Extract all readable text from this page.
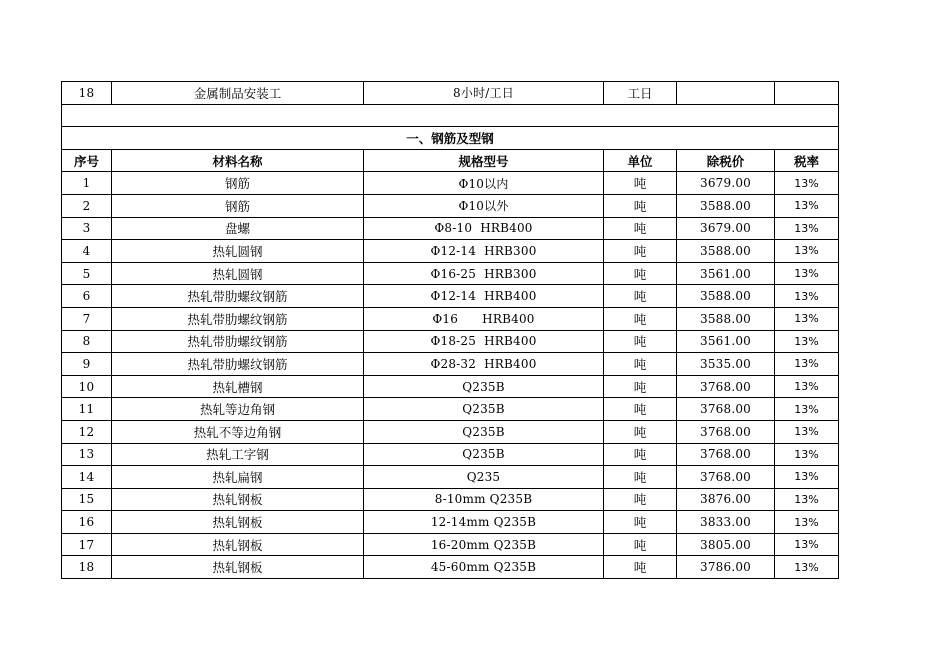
18	金属制品安装工	8小时/工日	工日		

一、钢筋及型钢					
序号	材料名称	规格型号	单位	除税价	税率
1	钢筋	Φ10以内	吨	3679.00	13%
2	钢筋	Φ10以外	吨	3588.00	13%
3	盘螺	Φ8-10  HRB400	吨	3679.00	13%
4	热轧圆钢	Φ12-14  HRB300	吨	3588.00	13%
5	热轧圆钢	Φ16-25  HRB300	吨	3561.00	13%
6	热轧带肋螺纹钢筋	Φ12-14  HRB400	吨	3588.00	13%
7	热轧带肋螺纹钢筋	Φ16      HRB400	吨	3588.00	13%
8	热轧带肋螺纹钢筋	Φ18-25  HRB400	吨	3561.00	13%
9	热轧带肋螺纹钢筋	Φ28-32  HRB400	吨	3535.00	13%
10	热轧槽钢	Q235B	吨	3768.00	13%
11	热轧等边角钢	Q235B	吨	3768.00	13%
12	热轧不等边角钢	Q235B	吨	3768.00	13%
13	热轧工字钢	Q235B	吨	3768.00	13%
14	热轧扁钢	Q235	吨	3768.00	13%
15	热轧钢板	8-10mm Q235B	吨	3876.00	13%
16	热轧钢板	12-14mm Q235B	吨	3833.00	13%
17	热轧钢板	16-20mm Q235B	吨	3805.00	13%
18	热轧钢板	45-60mm Q235B	吨	3786.00	13%
